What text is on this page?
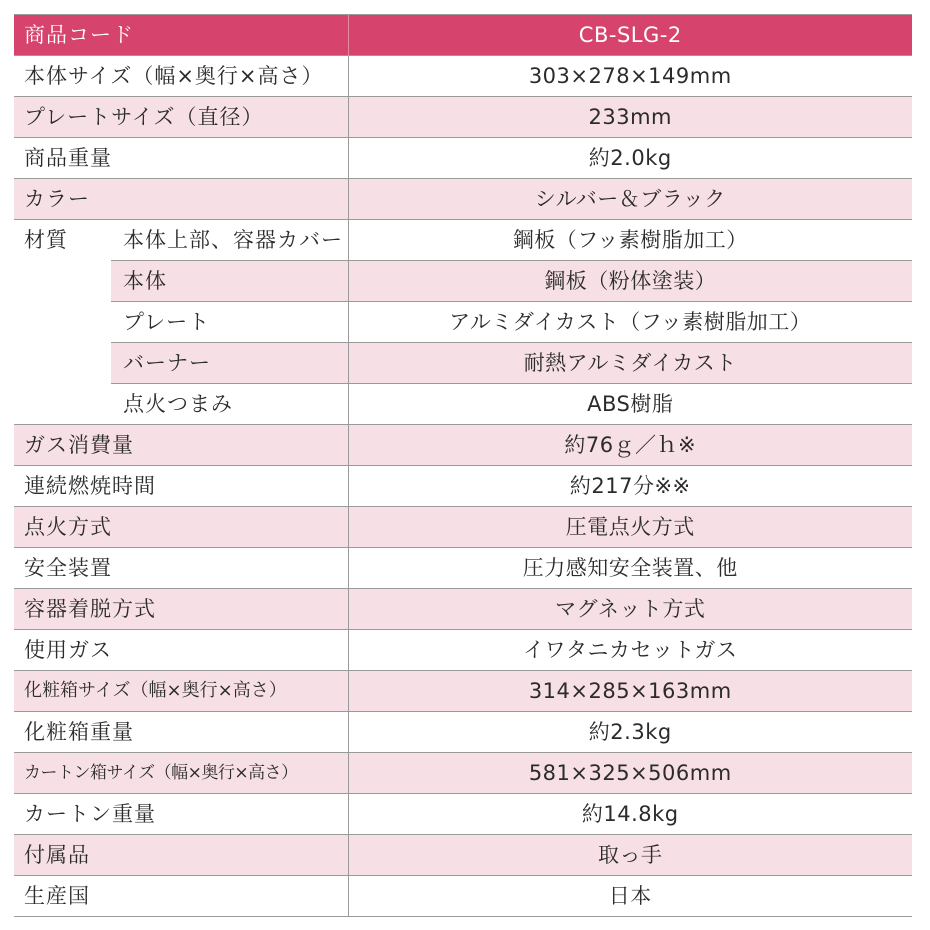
商品コード		CB-SLG-2
本体サイズ（幅×奥行×高さ）		303×278×149mm
プレートサイズ（直径）		233mm
商品重量		約2.0kg
カラー		シルバー＆ブラック
材質	本体上部、容器カバー	鋼板（フッ素樹脂加工）
	本体	鋼板（粉体塗装）
	プレート	アルミダイカスト（フッ素樹脂加工）
	バーナー	耐熱アルミダイカスト
	点火つまみ	ABS樹脂
ガス消費量		約76ｇ／ｈ※
連続燃焼時間		約217分※※
点火方式		圧電点火方式
安全装置		圧力感知安全装置、他
容器着脱方式		マグネット方式
使用ガス		イワタニカセットガス
化粧箱サイズ（幅×奥行×高さ）		314×285×163mm
化粧箱重量		約2.3kg
カートン箱サイズ（幅×奥行×高さ）		581×325×506mm
カートン重量		約14.8kg
付属品		取っ手
生産国		日本
